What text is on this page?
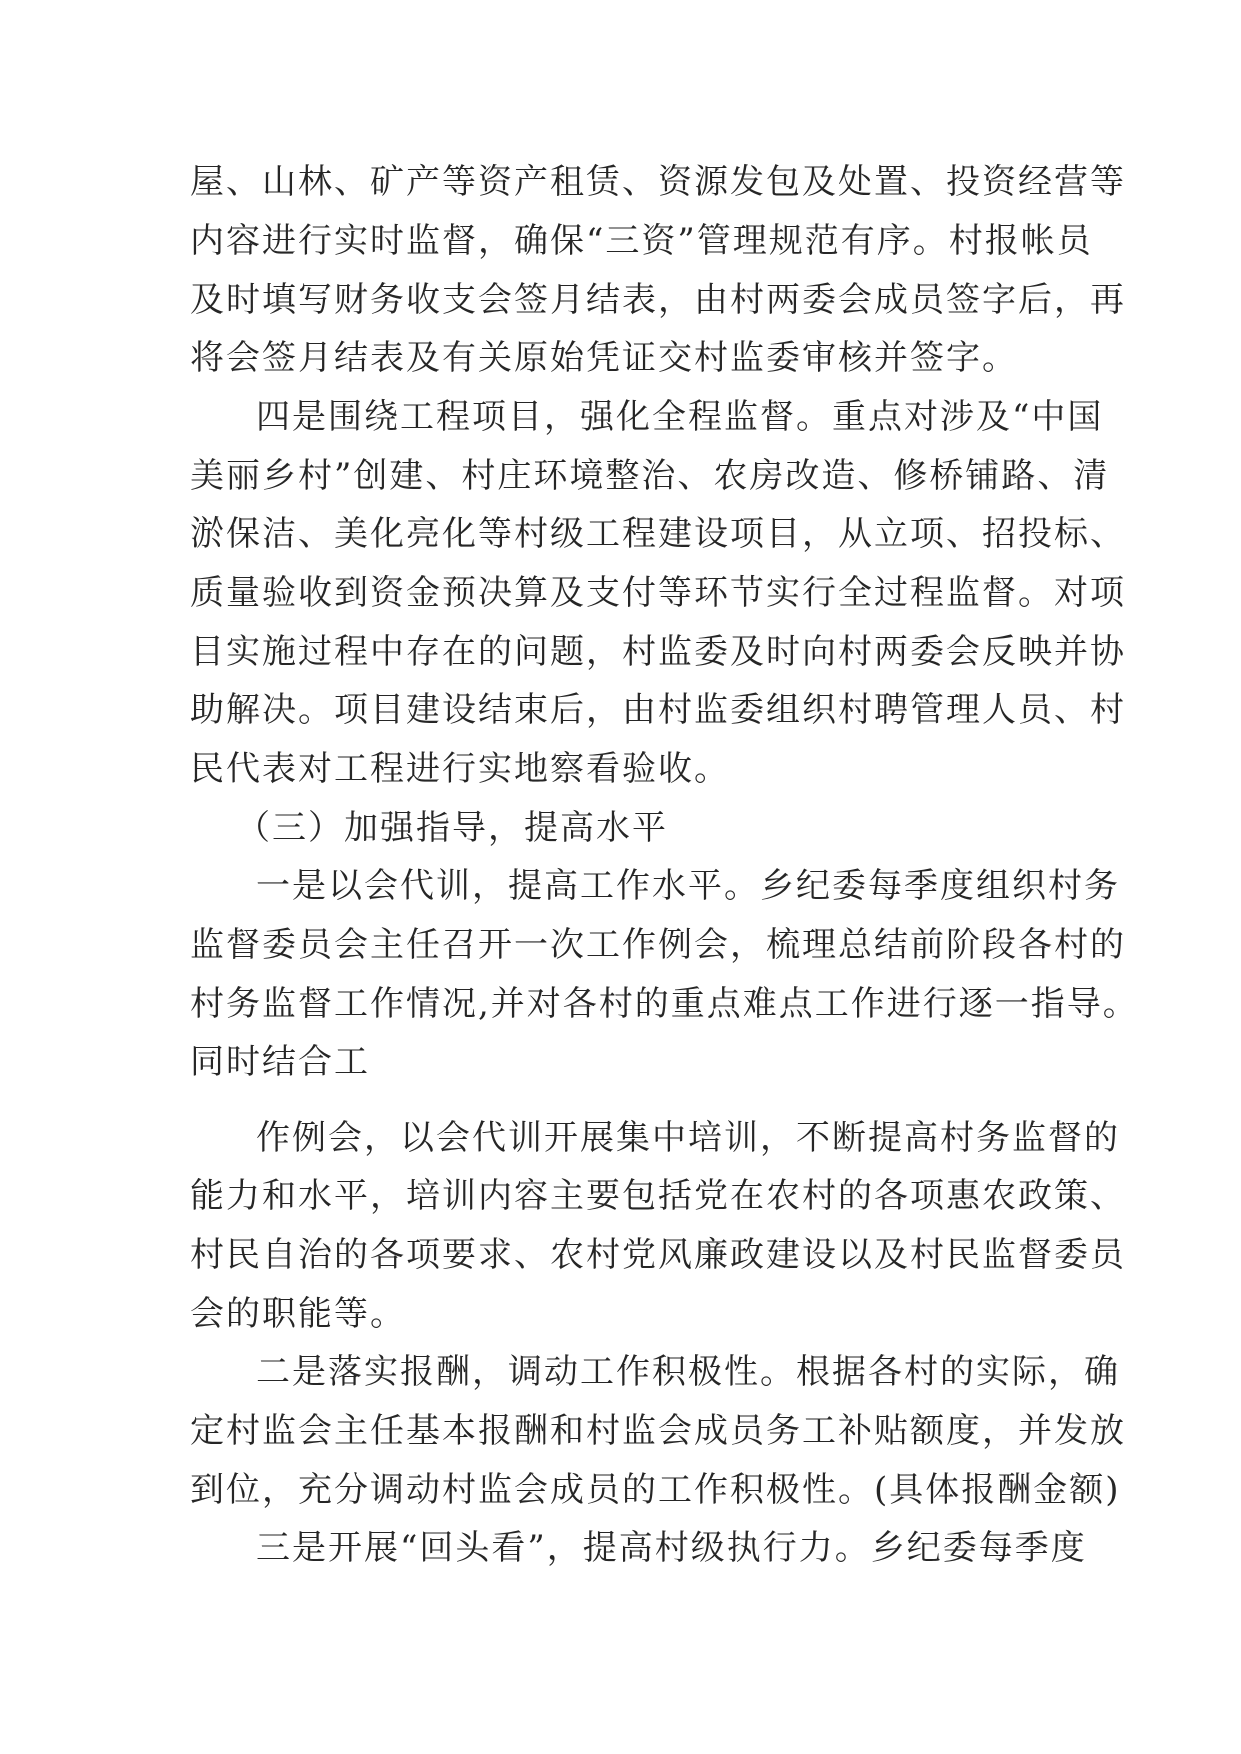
屋、山林、矿产等资产租赁、资源发包及处置、投资经营等
内容进行实时监督，确保“三资”管理规范有序。村报帐员
及时填写财务收支会签月结表，由村两委会成员签字后，再
将会签月结表及有关原始凭证交村监委审核并签字。
四是围绕工程项目，强化全程监督。重点对涉及“中国
美丽乡村”创建、村庄环境整治、农房改造、修桥铺路、清
淤保洁、美化亮化等村级工程建设项目，从立项、招投标、
质量验收到资金预决算及支付等环节实行全过程监督。对项
目实施过程中存在的问题，村监委及时向村两委会反映并协
助解决。项目建设结束后，由村监委组织村聘管理人员、村
民代表对工程进行实地察看验收。
（三）加强指导，提高水平
一是以会代训，提高工作水平。乡纪委每季度组织村务
监督委员会主任召开一次工作例会，梳理总结前阶段各村的
村务监督工作情况,并对各村的重点难点工作进行逐一指导。
同时结合工
作例会，以会代训开展集中培训，不断提高村务监督的
能力和水平，培训内容主要包括党在农村的各项惠农政策、
村民自治的各项要求、农村党风廉政建设以及村民监督委员
会的职能等。
二是落实报酬，调动工作积极性。根据各村的实际，确
定村监会主任基本报酬和村监会成员务工补贴额度，并发放
到位，充分调动村监会成员的工作积极性。(具体报酬金额)
三是开展“回头看”，提高村级执行力。乡纪委每季度
